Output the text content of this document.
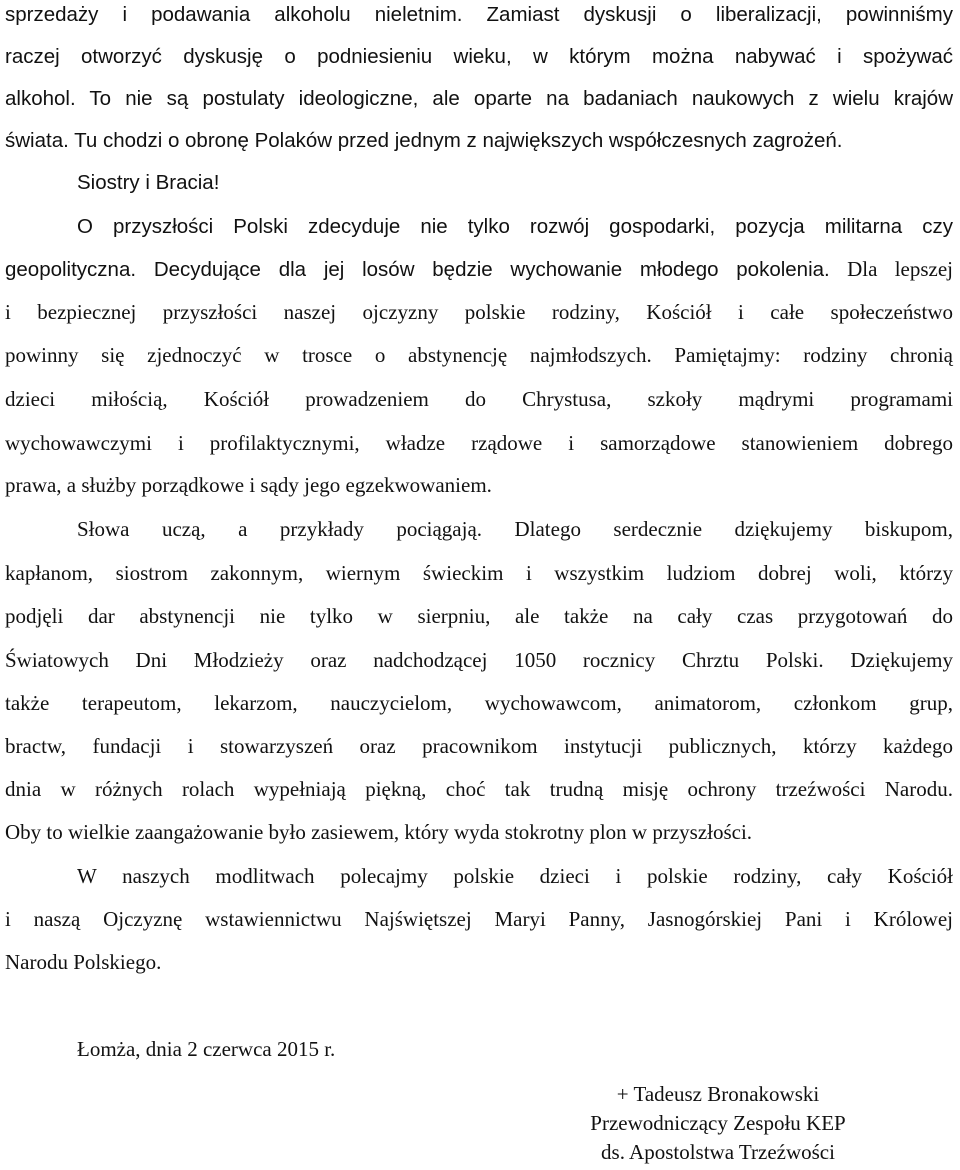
sprzedaży i podawania alkoholu nieletnim. Zamiast dyskusji o liberalizacji, powinniśmy
raczej otworzyć dyskusję o podniesieniu wieku, w którym można nabywać i spożywać
alkohol. To nie są postulaty ideologiczne, ale oparte na badaniach naukowych z wielu krajów
świata. Tu chodzi o obronę Polaków przed jednym z największych współczesnych zagrożeń.
Siostry i Bracia!
O przyszłości Polski zdecyduje nie tylko rozwój gospodarki, pozycja militarna czy
geopolityczna. Decydujące dla jej losów będzie wychowanie młodego pokolenia. Dla lepszej
i bezpiecznej przyszłości naszej ojczyzny polskie rodziny, Kościół i całe społeczeństwo
powinny się zjednoczyć w trosce o abstynencję najmłodszych. Pamiętajmy: rodziny chronią
dzieci miłością, Kościół prowadzeniem do Chrystusa, szkoły mądrymi programami
wychowawczymi i profilaktycznymi, władze rządowe i samorządowe stanowieniem dobrego
prawa, a służby porządkowe i sądy jego egzekwowaniem.
Słowa uczą, a przykłady pociągają. Dlatego serdecznie dziękujemy biskupom,
kapłanom, siostrom zakonnym, wiernym świeckim i wszystkim ludziom dobrej woli, którzy
podjęli dar abstynencji nie tylko w sierpniu, ale także na cały czas przygotowań do
Światowych Dni Młodzieży oraz nadchodzącej 1050 rocznicy Chrztu Polski. Dziękujemy
także terapeutom, lekarzom, nauczycielom, wychowawcom, animatorom, członkom grup,
bractw, fundacji i stowarzyszeń oraz pracownikom instytucji publicznych, którzy każdego
dnia w różnych rolach wypełniają piękną, choć tak trudną misję ochrony trzeźwości Narodu.
Oby to wielkie zaangażowanie było zasiewem, który wyda stokrotny plon w przyszłości.
W naszych modlitwach polecajmy polskie dzieci i polskie rodziny, cały Kościół
i naszą Ojczyznę wstawiennictwu Najświętszej Maryi Panny, Jasnogórskiej Pani i Królowej
Narodu Polskiego.
Łomża, dnia 2 czerwca 2015 r.
+ Tadeusz Bronakowski
Przewodniczący Zespołu KEP
ds. Apostolstwa Trzeźwości
